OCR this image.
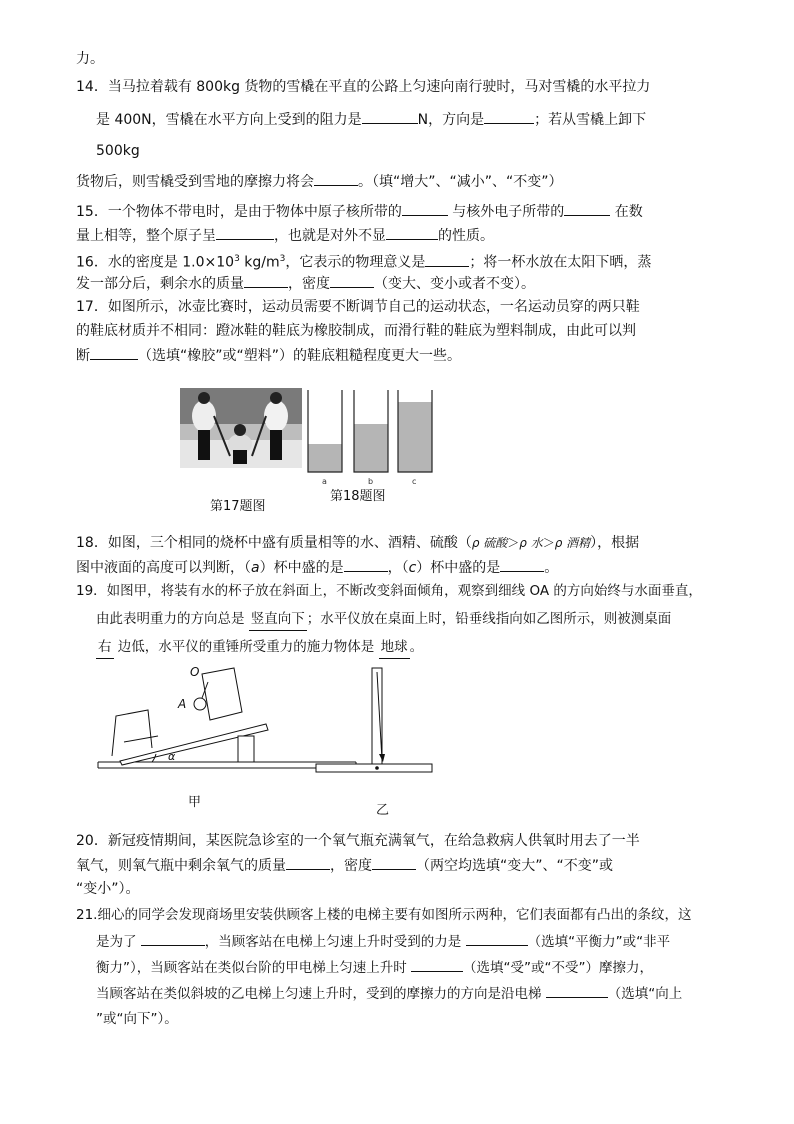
力。
14．当马拉着载有 800kg 货物的雪橇在平直的公路上匀速向南行驶时，马对雪橇的水平拉力
是 400N，雪橇在水平方向上受到的阻力是	N，方向是	；若从雪橇上卸下
500kg
货物后，则雪橇受到雪地的摩擦力将会	。（填“增大”、“减小”、“不变”）
15．一个物体不带电时，是由于物体中原子核所带的	与核外电子所带的	在数
量上相等，整个原子呈	，也就是对外不显	的性质。
16．水的密度是 $1.0\times 10^3$ $kg/m^3$，它表示的物理意义是	；将一杯水放在太阳下晒，蒸
发一部分后，剩余水的质量	，密度	（变大、变小或者不变）。
17．如图所示，冰壶比赛时，运动员需要不断调节自己的运动状态，一名运动员穿的两只鞋
的鞋底材质并不相同：蹬冰鞋的鞋底为橡胶制成，而滑行鞋的鞋底为塑料制成，由此可以判
断	（选填“橡胶”或“塑料”）的鞋底粗糙程度更大一些。
第17题图
a	b	c
第18题图
18．如图，三个相同的烧杯中盛有质量相等的水、酒精、硫酸（ρ 硫酸＞ρ 水＞ρ 酒精），根据
图中液面的高度可以判断，（a）杯中盛的是	，（c）杯中盛的是	。
19．如图甲，将装有水的杯子放在斜面上，不断改变斜面倾角，观察到细线 OA 的方向始终与水面垂直，
由此表明重力的方向总是 竖直向下；水平仪放在桌面上时，铅垂线指向如乙图所示，则被测桌面
右 边低，水平仪的重锤所受重力的施力物体是 地球。
α
O
A
甲
乙
20．新冠疫情期间，某医院急诊室的一个氧气瓶充满氧气，在给急救病人供氧时用去了一半
氧气，则氧气瓶中剩余氧气的质量	，密度	（两空均选填“变大”、“不变”或
“变小”）。
21.细心的同学会发现商场里安装供顾客上楼的电梯主要有如图所示两种，它们表面都有凸出的条纹，这
是为了	，当顾客站在电梯上匀速上升时受到的力是	（选填“平衡力”或“非平
衡力”），当顾客站在类似台阶的甲电梯上匀速上升时	（选填“受”或“不受”）摩擦力，
当顾客站在类似斜坡的乙电梯上匀速上升时，受到的摩擦力的方向是沿电梯	（选填“向上
”或“向下”）。
